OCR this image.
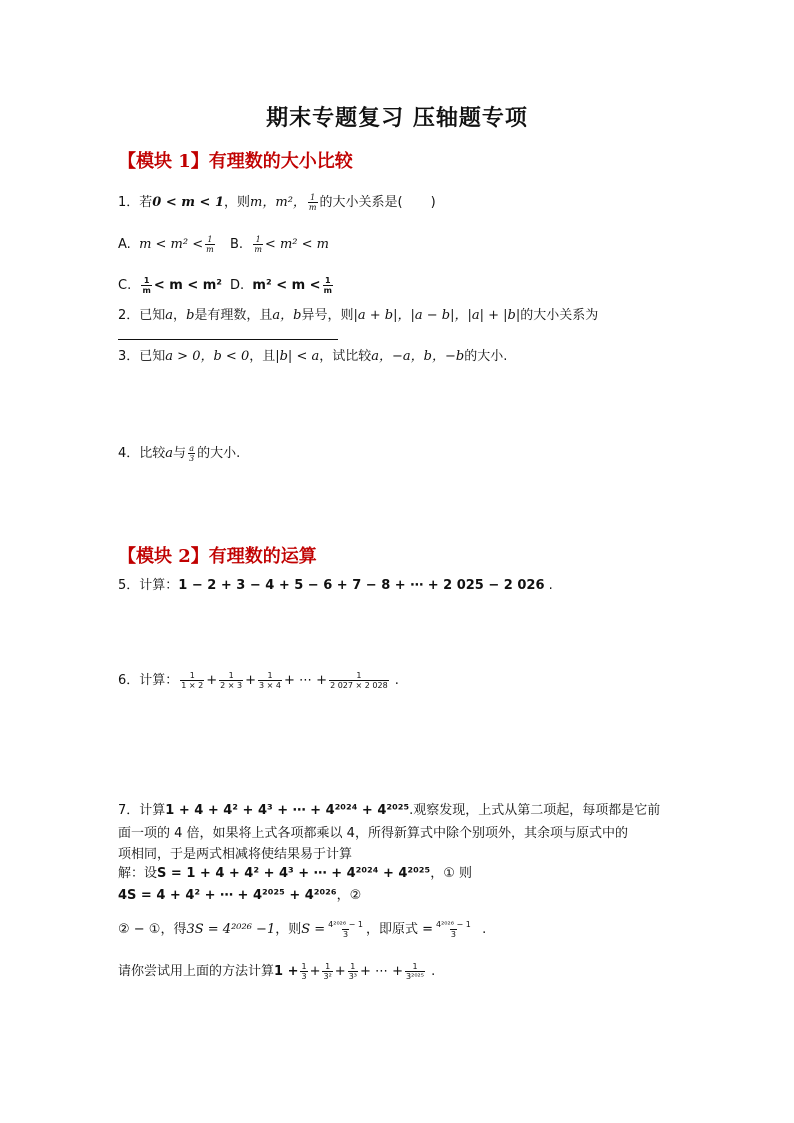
期末专题复习 压轴题专项
【模块 1】有理数的大小比较
1．若0 < m < 1，则m，m²， $\frac{1}{m}$ 的大小关系是( )
A. $m < m^2 < \frac{1}{m} B$. $\frac{1}{m} < m^2 < m$
C. $\frac{1}{m} < m < m^2$ D. $m^2 < m < \frac{1}{m}$
2．已知a，b是有理数，且a，b异号，则|a + b|，|a − b|，|a| + |b|的大小关系为
3．已知a > 0，b < 0，且|b| < a，试比较a，−a，b，−b的大小.
4．比较a与 $\frac{a}{3}$ 的大小.
【模块 2】有理数的运算
5．计算：1 − 2 + 3 − 4 + 5 − 6 + 7 − 8 + ⋯ + 2 025 − 2 026 .
6．计算： $\frac{1}{1 \times 2} + \frac{1}{2 \times 3} + \frac{1}{3 \times 4}$ + ⋯ + $\frac{1}{2 027 \times 2 028}$ .
7．计算1 + 4 + 4² + 4³ + ⋯ + 4²⁰²⁴ + 4²⁰²⁵.观察发现，上式从第二项起，每项都是它前
面一项的 4 倍，如果将上式各项都乘以 4，所得新算式中除个别项外，其余项与原式中的
项相同，于是两式相减将使结果易于计算
解：设S = 1 + 4 + 4² + 4³ + ⋯ + 4²⁰²⁴ + 4²⁰²⁵，① 则
4S = 4 + 4² + ⋯ + 4²⁰²⁵ + 4²⁰²⁶，②
② − ①，得3S = 4²⁰²⁶ −1，则$S = \frac{\text{4²⁰²⁶ − 1}}{3}$ ，即原式 = $\frac{\text{4²⁰²⁶ − 1}}{3}$ .
请你尝试用上面的方法计算$1 + \frac{1}{3} + \frac{1}{\text{3²}} + \frac{1}{\text{3³}}$ + ⋯ + $\frac{1}{\text{3²⁰²⁵}}$ .
